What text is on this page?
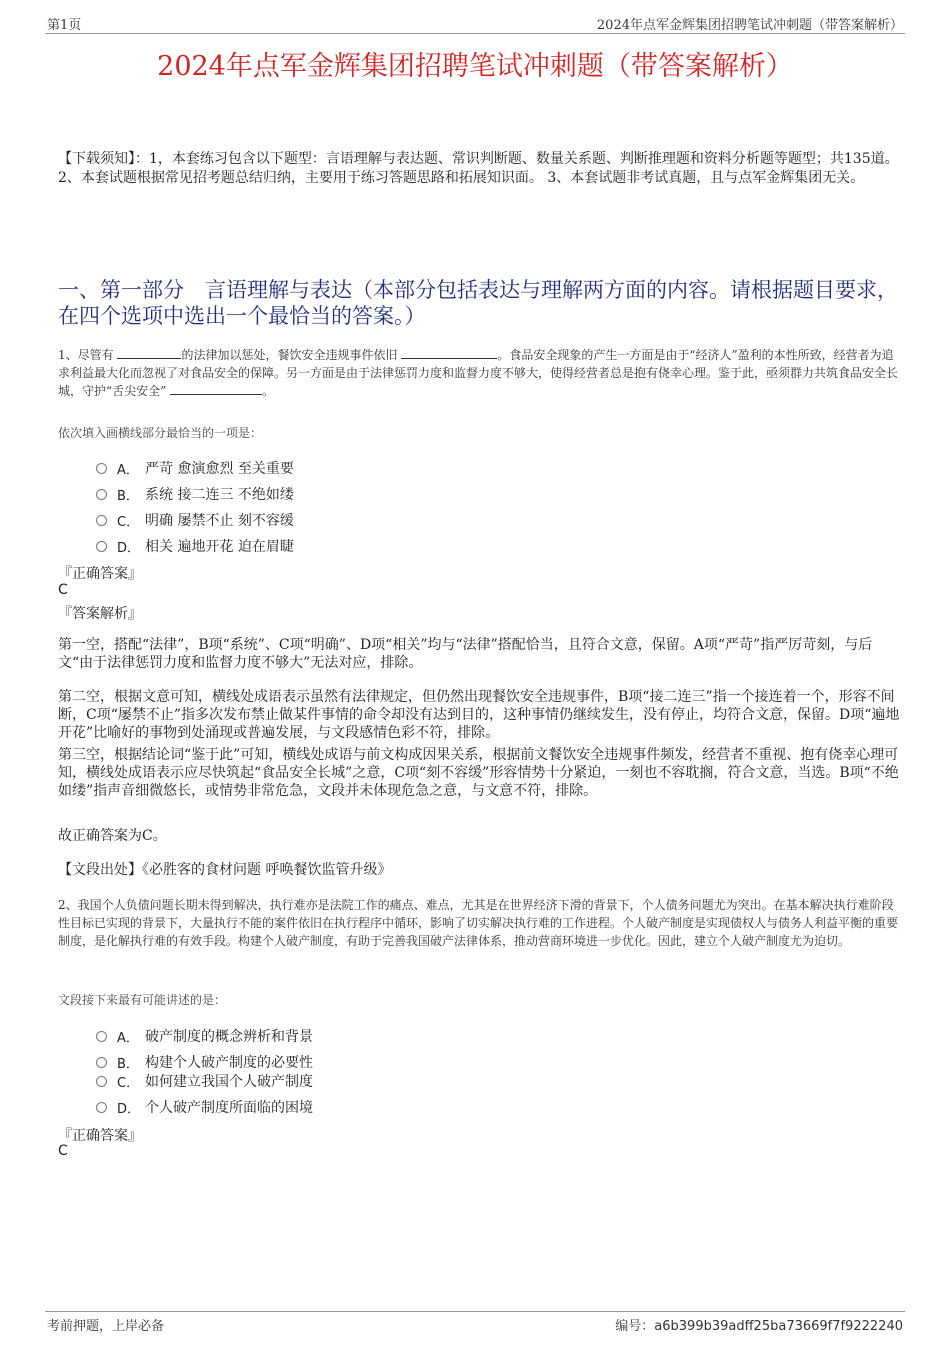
第1页	2024年点军金辉集团招聘笔试冲刺题（带答案解析）
2024年点军金辉集团招聘笔试冲刺题（带答案解析）
【下载须知】：1，本套练习包含以下题型：言语理解与表达题、常识判断题、数量关系题、判断推理题和资料分析题等题型；共135道。 2、本套试题根据常见招考题总结归纳，主要用于练习答题思路和拓展知识面。 3、本套试题非考试真题，且与点军金辉集团无关。
一、第一部分　言语理解与表达（本部分包括表达与理解两方面的内容。请根据题目要求，在四个选项中选出一个最恰当的答案。）
1、尽管有	的法律加以惩处，餐饮安全违规事件依旧	。食品安全现象的产生一方面是由于“经济人”盈利的本性所致，经营者为追求利益最大化而忽视了对食品安全的保障。另一方面是由于法律惩罚力度和监督力度不够大，使得经营者总是抱有侥幸心理。鉴于此，亟须群力共筑食品安全长城，守护“舌尖安全”	。
依次填入画横线部分最恰当的一项是：
A． 严苛 愈演愈烈 至关重要
B． 系统 接二连三 不绝如缕
C． 明确 屡禁不止 刻不容缓
D． 相关 遍地开花 迫在眉睫
『正确答案』
C
『答案解析』
第一空，搭配“法律”，B项“系统”、C项“明确”、D项“相关”均与“法律”搭配恰当，且符合文意，保留。A项“严苛”指严厉苛刻，与后文“由于法律惩罚力度和监督力度不够大”无法对应，排除。
第二空，根据文意可知，横线处成语表示虽然有法律规定，但仍然出现餐饮安全违规事件，B项“接二连三”指一个接连着一个，形容不间断，C项“屡禁不止”指多次发布禁止做某件事情的命令却没有达到目的，这种事情仍继续发生，没有停止，均符合文意，保留。D项“遍地开花”比喻好的事物到处涌现或普遍发展，与文段感情色彩不符，排除。
第三空，根据结论词“鉴于此”可知，横线处成语与前文构成因果关系，根据前文餐饮安全违规事件频发，经营者不重视、抱有侥幸心理可知，横线处成语表示应尽快筑起“食品安全长城”之意，C项“刻不容缓”形容情势十分紧迫，一刻也不容耽搁，符合文意，当选。B项“不绝如缕”指声音细微悠长，或情势非常危急，文段并未体现危急之意，与文意不符，排除。
故正确答案为C。
【文段出处】《必胜客的食材问题 呼唤餐饮监管升级》
2、我国个人负债问题长期未得到解决，执行难亦是法院工作的痛点、难点，尤其是在世界经济下滑的背景下，个人债务问题尤为突出。在基本解决执行难阶段性目标已实现的背景下，大量执行不能的案件依旧在执行程序中循环，影响了切实解决执行难的工作进程。个人破产制度是实现债权人与债务人利益平衡的重要制度，是化解执行难的有效手段。构建个人破产制度，有助于完善我国破产法律体系，推动营商环境进一步优化。因此，建立个人破产制度尤为迫切。
文段接下来最有可能讲述的是：
A． 破产制度的概念辨析和背景
B． 构建个人破产制度的必要性
C． 如何建立我国个人破产制度
D． 个人破产制度所面临的困境
『正确答案』
C
考前押题，上岸必备	编号：a6b399b39adff25ba73669f7f9222240
